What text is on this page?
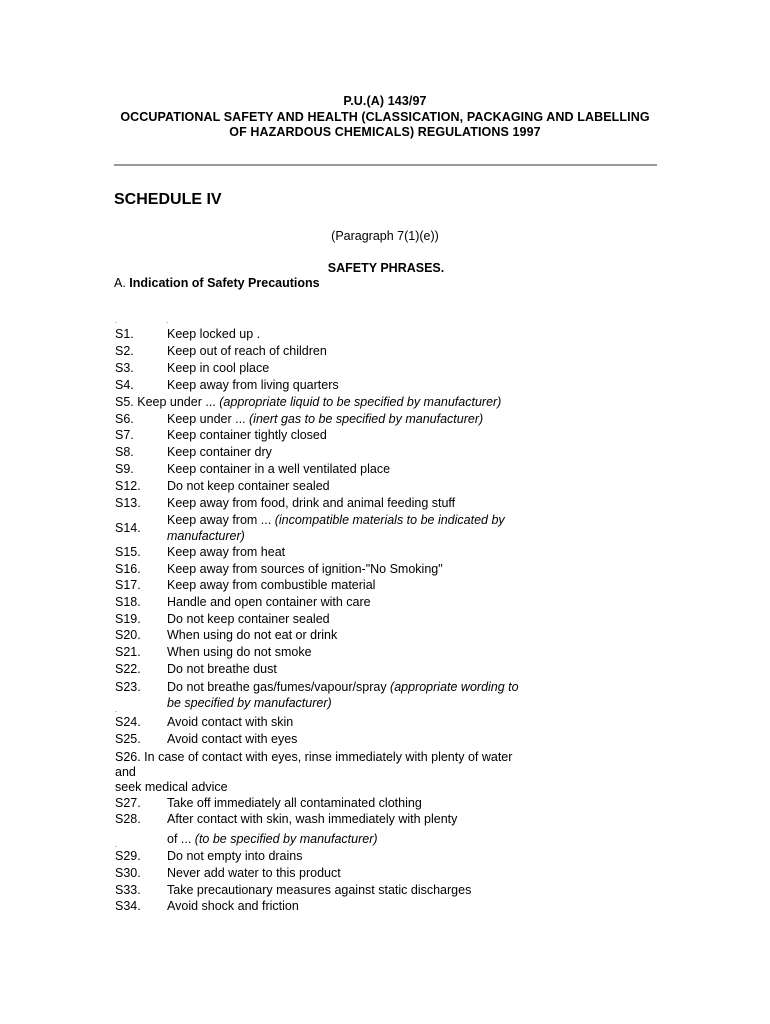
P.U.(A) 143/97
OCCUPATIONAL SAFETY AND HEALTH (CLASSICATION, PACKAGING AND LABELLING
OF HAZARDOUS CHEMICALS) REGULATIONS 1997
SCHEDULE IV
(Paragraph 7(1)(e))
SAFETY PHRASES.
A. Indication of Safety Precautions
.	.
S1.	Keep locked up .
S2.	Keep out of reach of children
S3.	Keep in cool place
S4.	Keep away from living quarters
S5. Keep under ... (appropriate liquid to be specified by manufacturer)
S6.	Keep under ... (inert gas to be specified by manufacturer)
S7.	Keep container tightly closed
S8.	Keep container dry
S9.	Keep container in a well ventilated place
S12. Do not keep container sealed
S13. Keep away from food, drink and animal feeding stuff
S14.
Keep away from ... (incompatible materials to be indicated by
manufacturer)
S15. Keep away from heat
S16. Keep away from sources of ignition-"No Smoking"
S17. Keep away from combustible material
S18. Handle and open container with care
S19. Do not keep container sealed
S20. When using do not eat or drink
S21. When using do not smoke
S22. Do not breathe dust
S23. Do not breathe gas/fumes/vapour/spray (appropriate wording to
be specified by manufacturer)
S24. Avoid contact with skin
S25. Avoid contact with eyes
S26. In case of contact with eyes, rinse immediately with plenty of water
and
seek medical advice
S27. Take off immediately all contaminated clothing
S28. After contact with skin, wash immediately with plenty
of ... (to be specified by manufacturer)
S29. Do not empty into drains
S30. Never add water to this product
S33. Take precautionary measures against static discharges
S34. Avoid shock and friction
.
.
